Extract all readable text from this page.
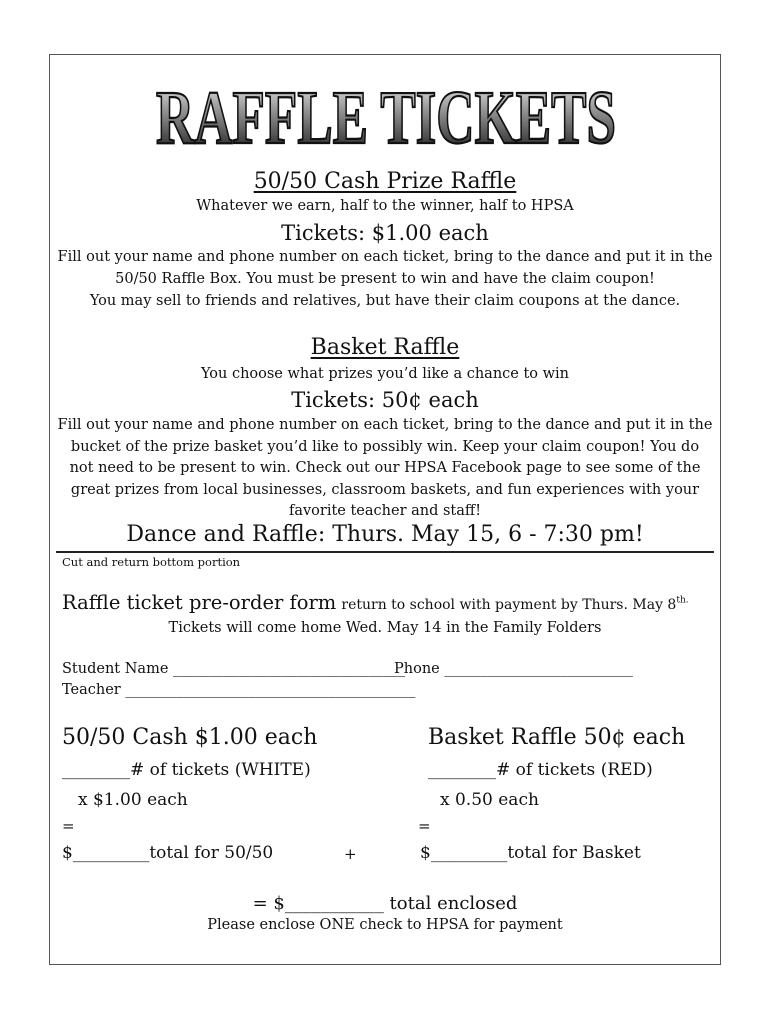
RAFFLE TICKETS
50/50 Cash Prize Raffle
Whatever we earn, half to the winner, half to HPSA
Tickets: $1.00 each
Fill out your name and phone number on each ticket, bring to the dance and put it in the
50/50 Raffle Box. You must be present to win and have the claim coupon!
You may sell to friends and relatives, but have their claim coupons at the dance.
Basket Raffle
You choose what prizes you’d like a chance to win
Tickets: 50¢ each
Fill out your name and phone number on each ticket, bring to the dance and put it in the
bucket of the prize basket you’d like to possibly win. Keep your claim coupon! You do
not need to be present to win. Check out our HPSA Facebook page to see some of the
great prizes from local businesses, classroom baskets, and fun experiences with your
favorite teacher and staff!
Dance and Raffle: Thurs. May 15, 6 - 7:30 pm!
Cut and return bottom portion
Raffle ticket pre-order form return to school with payment by Thurs. May $8^{th.}$
Tickets will come home Wed. May 14 in the Family Folders
Student Name ________________________________
Phone __________________________
Teacher ________________________________________
50/50 Cash $1.00 each
________# of tickets (WHITE)
x $1.00 each
=
$_________total for 50/50	+
Basket Raffle 50¢ each
________# of tickets (RED)
x 0.50 each
=
$_________total for Basket
= $___________ total enclosed
Please enclose ONE check to HPSA for payment
